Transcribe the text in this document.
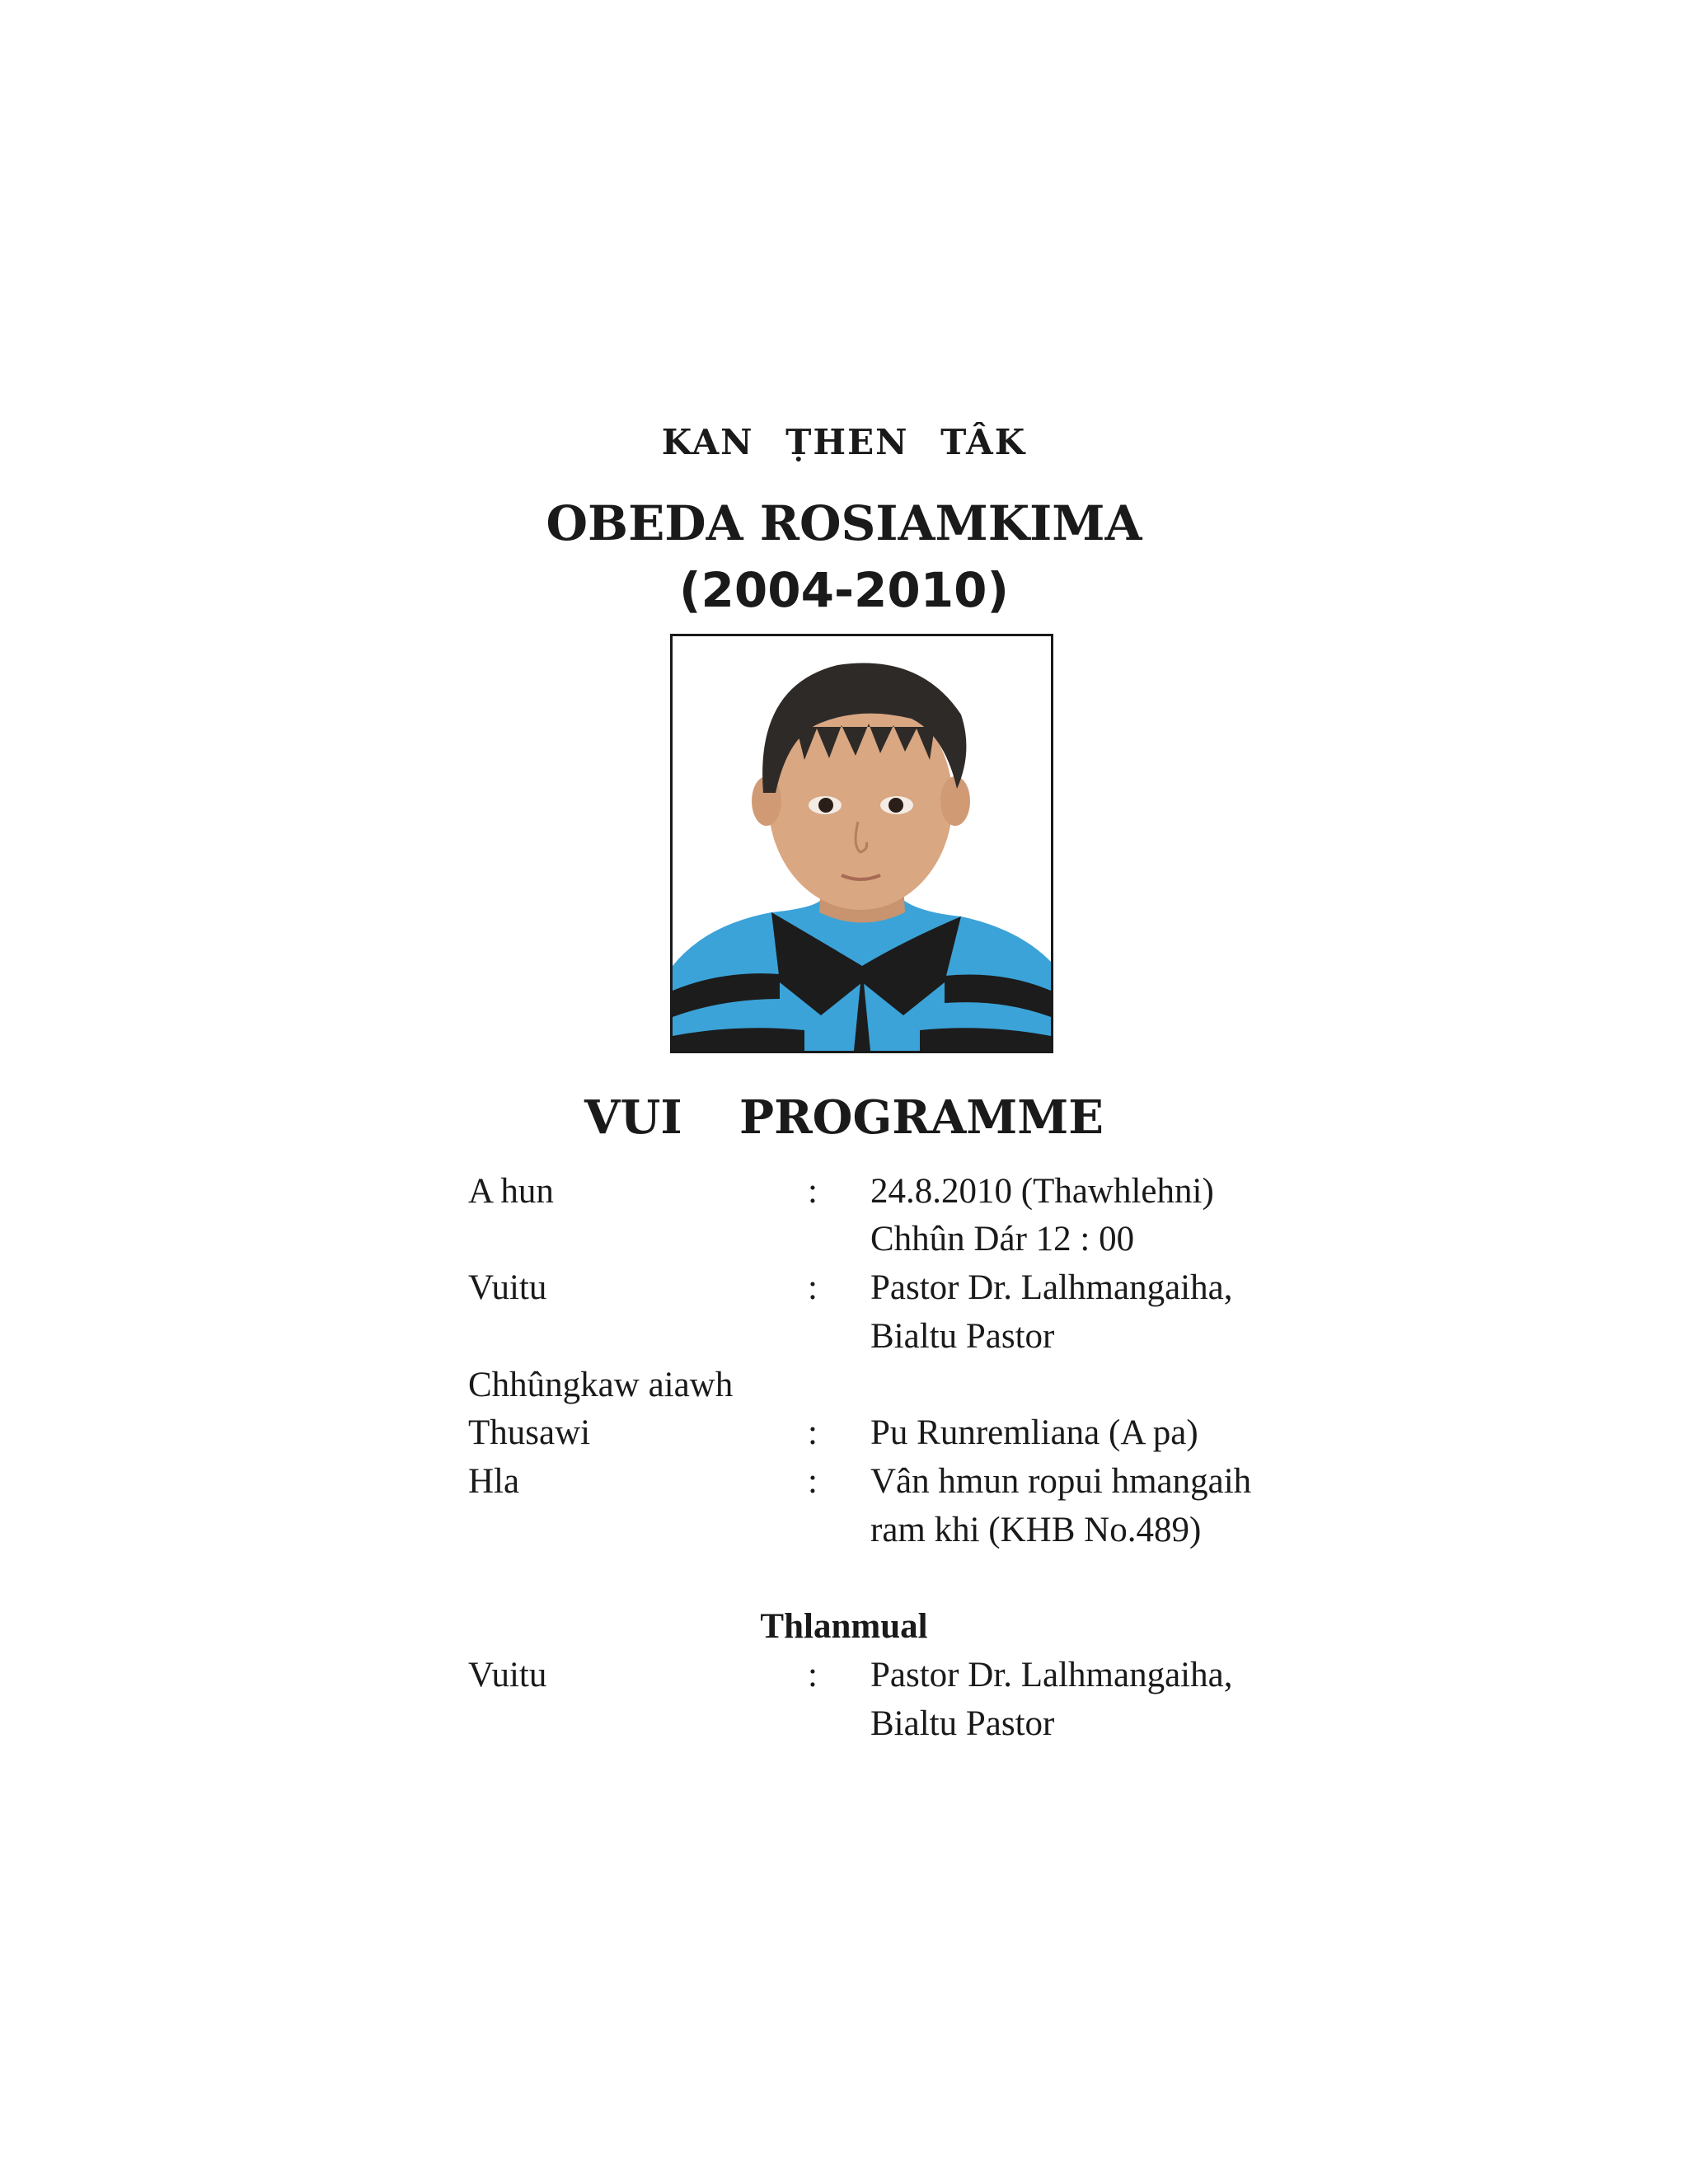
KAN ṬHEN TÂK
OBEDA ROSIAMKIMA
(2004-2010)
VUI PROGRAMME
A hun	: 24.8.2010 (Thawhlehni)
Chhûn Dár 12 : 00
Vuitu	: Pastor Dr. Lalhmangaiha,
Bialtu Pastor
Chhûngkaw aiawh
Thusawi	: Pu Runremliana (A pa)
Hla	: Vân hmun ropui hmangaih
ram khi (KHB No.489)
Thlanmual
Vuitu	: Pastor Dr. Lalhmangaiha,
Bialtu Pastor
